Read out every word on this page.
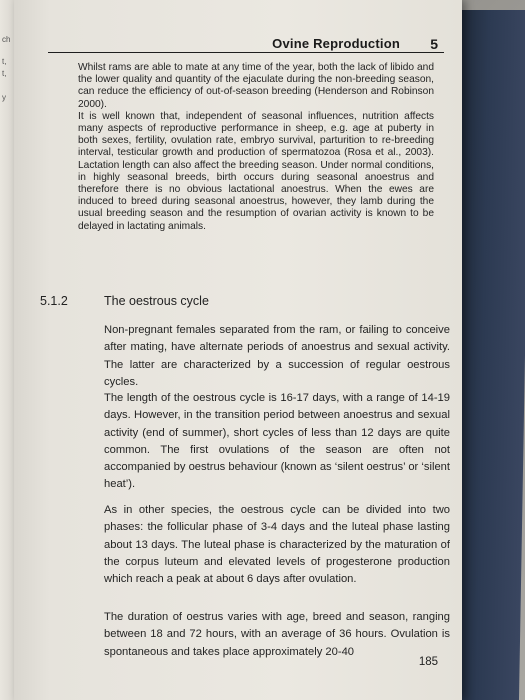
ch
t,
t,
y
Ovine Reproduction 5

Whilst rams are able to mate at any time of the year, both the lack of libido and the lower quality and quantity of the ejaculate during the non-breeding season, can reduce the efficiency of out-of-season breeding (Henderson and Robinson 2000).

It is well known that, independent of seasonal influences, nutrition affects many aspects of reproductive performance in sheep, e.g. age at puberty in both sexes, fertility, ovulation rate, embryo survival, parturition to re-breeding interval, testicular growth and production of spermatozoa (Rosa et al., 2003). Lactation length can also affect the breeding season. Under normal conditions, in highly seasonal breeds, birth occurs during seasonal anoestrus and therefore there is no obvious lactational anoestrus. When the ewes are induced to breed during seasonal anoestrus, however, they lamb during the usual breeding season and the resumption of ovarian activity is known to be delayed in lactating animals.

5.1.2	The oestrous cycle

Non-pregnant females separated from the ram, or failing to conceive after mating, have alternate periods of anoestrus and sexual activity. The latter are characterized by a succession of regular oestrous cycles.

The length of the oestrous cycle is 16-17 days, with a range of 14-19 days. However, in the transition period between anoestrus and sexual activity (end of summer), short cycles of less than 12 days are quite common. The first ovulations of the season are often not accompanied by oestrus behaviour (known as ‘silent oestrus’ or ‘silent heat’).

As in other species, the oestrous cycle can be divided into two phases: the follicular phase of 3-4 days and the luteal phase lasting about 13 days. The luteal phase is characterized by the maturation of the corpus luteum and elevated levels of progesterone production which reach a peak at about 6 days after ovulation.

The duration of oestrus varies with age, breed and season, ranging between 18 and 72 hours, with an average of 36 hours. Ovulation is spontaneous and takes place approximately 20-40

185
